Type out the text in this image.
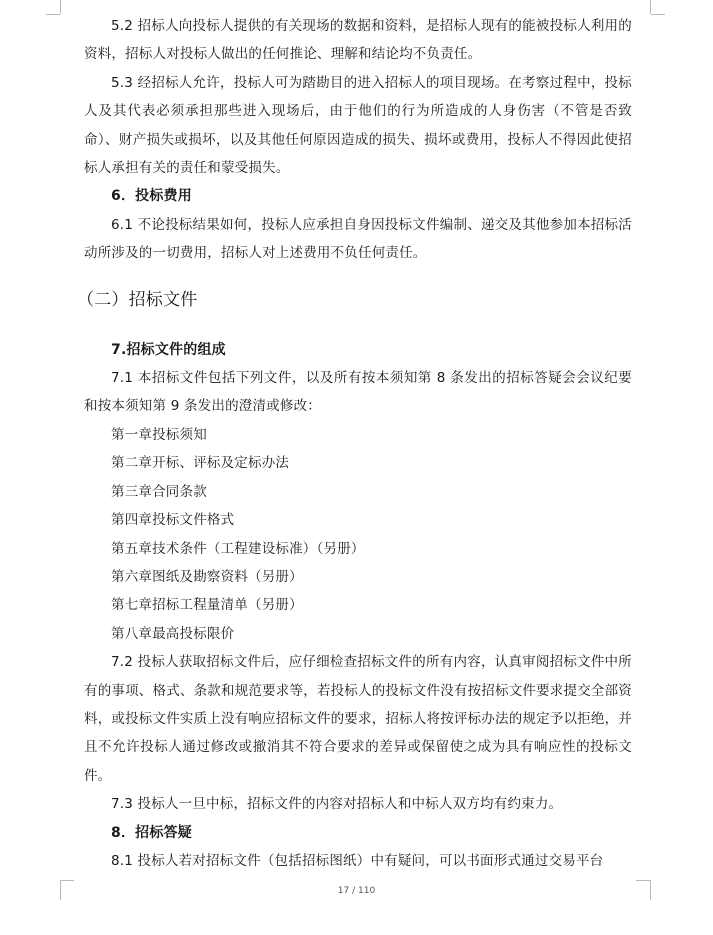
5.2 招标人向投标人提供的有关现场的数据和资料，是招标人现有的能被投标人利用的资料，招标人对投标人做出的任何推论、理解和结论均不负责任。

5.3 经招标人允许，投标人可为踏勘目的进入招标人的项目现场。在考察过程中，投标人及其代表必须承担那些进入现场后，由于他们的行为所造成的人身伤害（不管是否致命）、财产损失或损坏，以及其他任何原因造成的损失、损坏或费用，投标人不得因此使招标人承担有关的责任和蒙受损失。

6．投标费用

6.1 不论投标结果如何，投标人应承担自身因投标文件编制、递交及其他参加本招标活动所涉及的一切费用，招标人对上述费用不负任何责任。

（二）招标文件

7.招标文件的组成

7.1 本招标文件包括下列文件，以及所有按本须知第 8 条发出的招标答疑会会议纪要和按本须知第 9 条发出的澄清或修改：

第一章投标须知

第二章开标、评标及定标办法

第三章合同条款

第四章投标文件格式

第五章技术条件（工程建设标准）（另册）

第六章图纸及勘察资料（另册）

第七章招标工程量清单（另册）

第八章最高投标限价

7.2 投标人获取招标文件后，应仔细检查招标文件的所有内容，认真审阅招标文件中所有的事项、格式、条款和规范要求等，若投标人的投标文件没有按招标文件要求提交全部资料，或投标文件实质上没有响应招标文件的要求，招标人将按评标办法的规定予以拒绝，并且不允许投标人通过修改或撤消其不符合要求的差异或保留使之成为具有响应性的投标文件。

7.3 投标人一旦中标，招标文件的内容对招标人和中标人双方均有约束力。

8．招标答疑

8.1 投标人若对招标文件（包括招标图纸）中有疑问，可以书面形式通过交易平台

17 / 110
